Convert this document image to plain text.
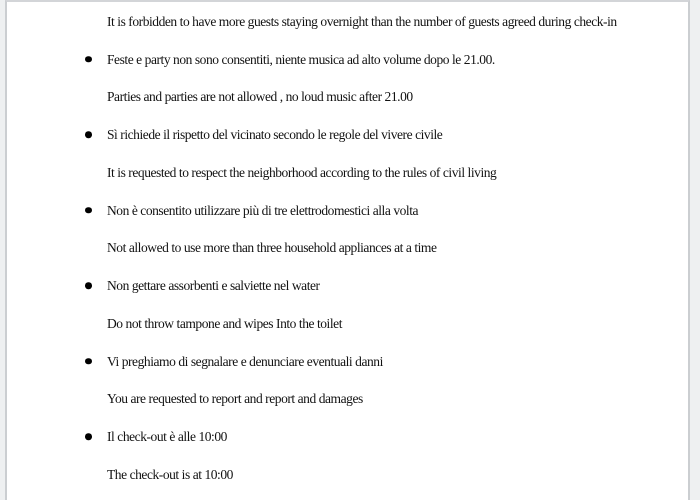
It is forbidden to have more guests staying overnight than the number of guests agreed during check-in
Feste e party non sono consentiti, niente musica ad alto volume dopo le 21.00.
Parties and parties are not allowed , no loud music after 21.00
Sì richiede il rispetto del vicinato secondo le regole del vivere civile
It is requested to respect the neighborhood according to the rules of civil living
Non è consentito utilizzare più di tre elettrodomestici alla volta
Not allowed to use more than three household appliances at a time
Non gettare assorbenti e salviette nel water
Do not throw tampone and wipes Into the toilet
Vi preghiamo di segnalare e denunciare eventuali danni
You are requested to report and report and damages
Il check-out è alle 10:00
The check-out is at 10:00
